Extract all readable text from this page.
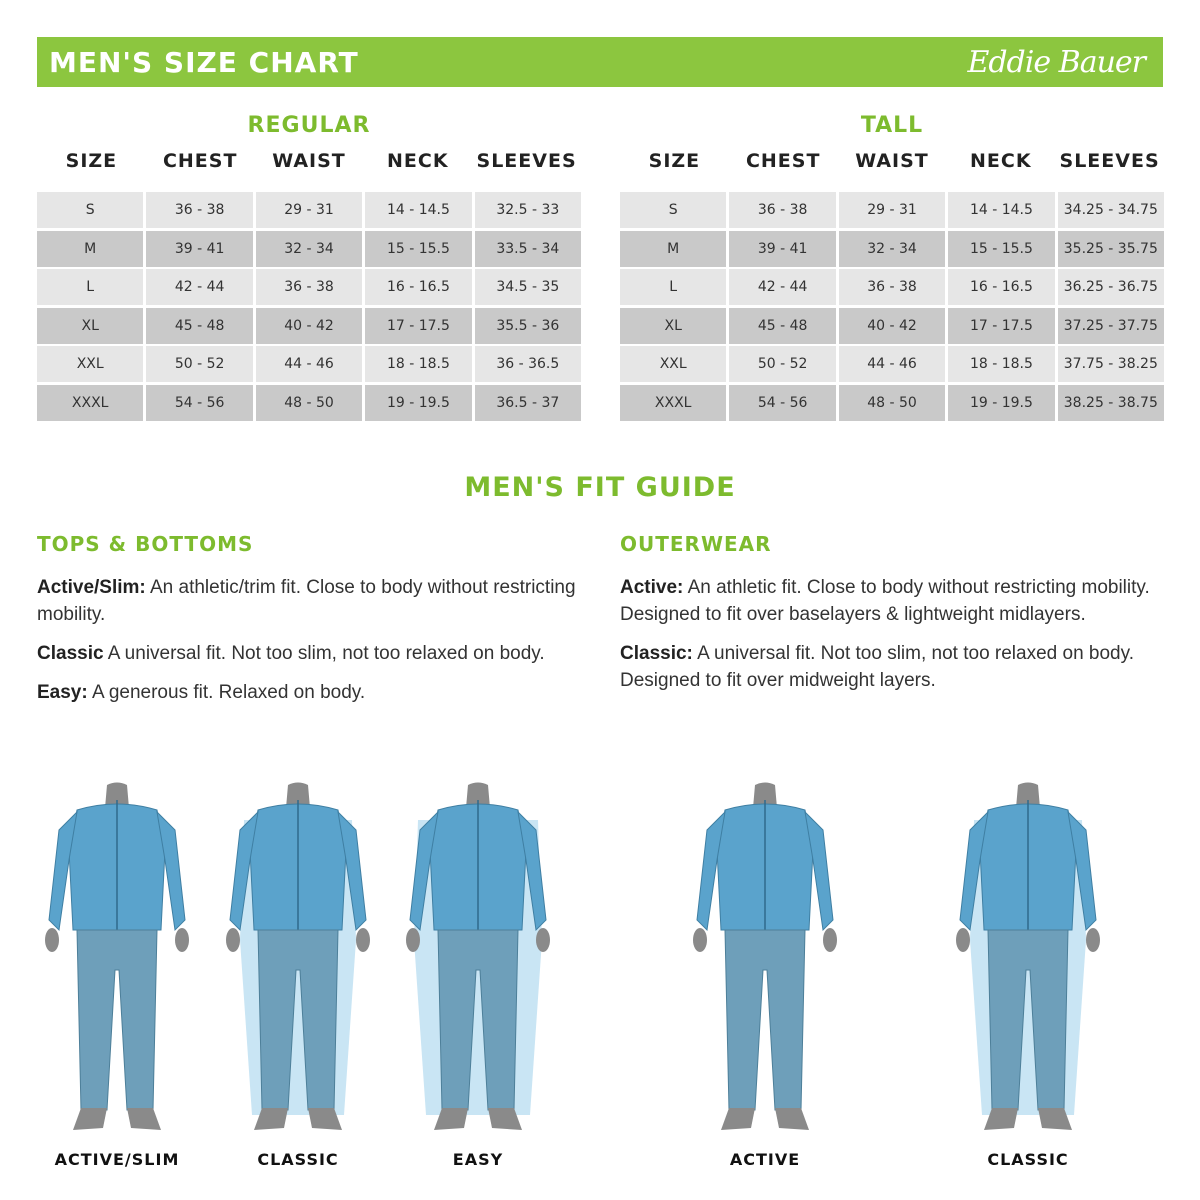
MEN'S SIZE CHART	Eddie Bauer
REGULAR
SIZE	CHEST	WAIST	NECK	SLEEVES
S	36 - 38	29 - 31	14 - 14.5	32.5 - 33
M	39 - 41	32 - 34	15 - 15.5	33.5 - 34
L	42 - 44	36 - 38	16 - 16.5	34.5 - 35
XL	45 - 48	40 - 42	17 - 17.5	35.5 - 36
XXL	50 - 52	44 - 46	18 - 18.5	36 - 36.5
XXXL	54 - 56	48 - 50	19 - 19.5	36.5 - 37
TALL
SIZE	CHEST	WAIST	NECK	SLEEVES
S	36 - 38	29 - 31	14 - 14.5	34.25 - 34.75
M	39 - 41	32 - 34	15 - 15.5	35.25 - 35.75
L	42 - 44	36 - 38	16 - 16.5	36.25 - 36.75
XL	45 - 48	40 - 42	17 - 17.5	37.25 - 37.75
XXL	50 - 52	44 - 46	18 - 18.5	37.75 - 38.25
XXXL	54 - 56	48 - 50	19 - 19.5	38.25 - 38.75
MEN'S FIT GUIDE
TOPS & BOTTOMS

Active/Slim: An athletic/trim fit. Close to body without restricting mobility.

Classic A universal fit. Not too slim, not too relaxed on body.

Easy: A generous fit. Relaxed on body.

OUTERWEAR

Active: An athletic fit. Close to body without restricting mobility. Designed to fit over baselayers & lightweight midlayers.

Classic: A universal fit. Not too slim, not too relaxed on body. Designed to fit over midweight layers.

ACTIVE/SLIM	CLASSIC	EASY	ACTIVE	CLASSIC
